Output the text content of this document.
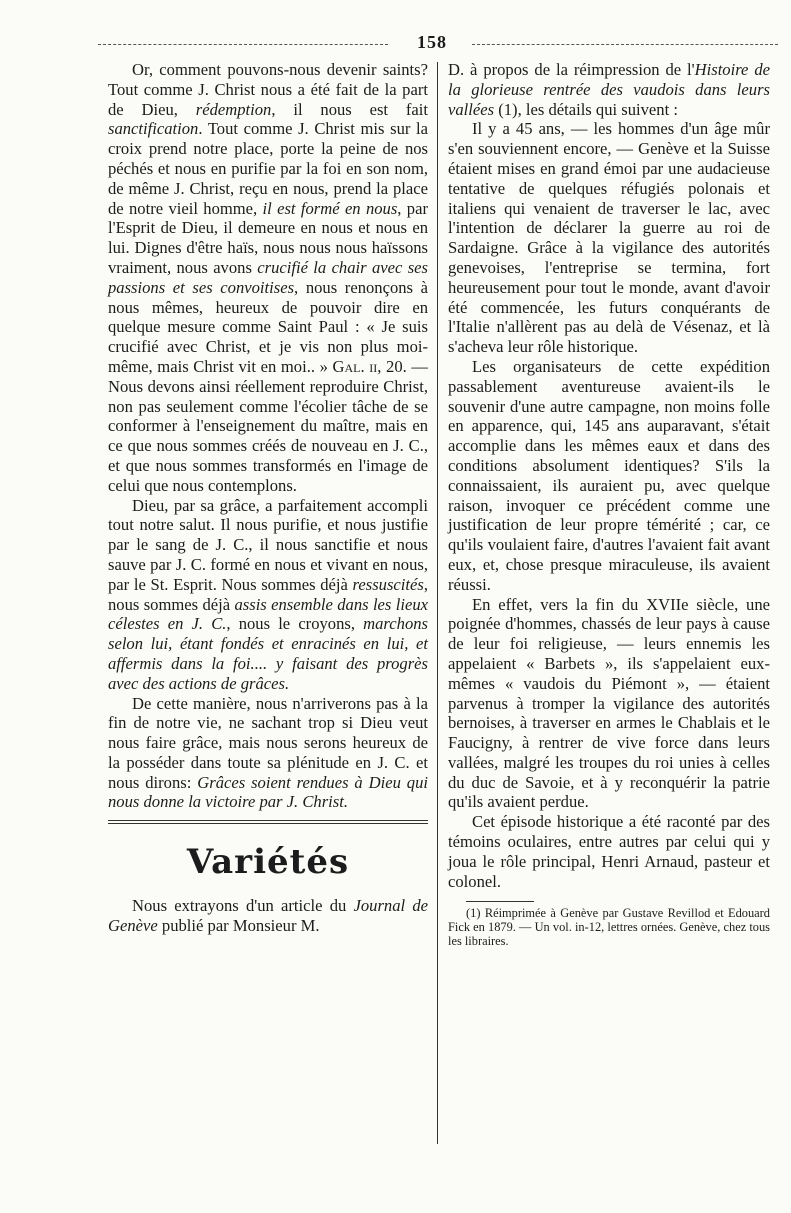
158

Or, comment pouvons-nous devenir saints? Tout comme J. Christ nous a été fait de la part de Dieu, rédemption, il nous est fait sanctification. Tout comme J. Christ mis sur la croix prend notre place, porte la peine de nos péchés et nous en purifie par la foi en son nom, de même J. Christ, reçu en nous, prend la place de notre vieil homme, il est formé en nous, par l'Esprit de Dieu, il demeure en nous et nous en lui. Dignes d'être haïs, nous nous nous haïssons vraiment, nous avons crucifié la chair avec ses passions et ses convoitises, nous renonçons à nous mêmes, heureux de pouvoir dire en quelque mesure comme Saint Paul : « Je suis crucifié avec Christ, et je vis non plus moi-même, mais Christ vit en moi.. » Gal. ii, 20. — Nous devons ainsi réellement reproduire Christ, non pas seulement comme l'écolier tâche de se conformer à l'enseignement du maître, mais en ce que nous sommes créés de nouveau en J. C., et que nous sommes transformés en l'image de celui que nous contemplons.

Dieu, par sa grâce, a parfaitement accompli tout notre salut. Il nous purifie, et nous justifie par le sang de J. C., il nous sanctifie et nous sauve par J. C. formé en nous et vivant en nous, par le St. Esprit. Nous sommes déjà ressuscités, nous sommes déjà assis ensemble dans les lieux célestes en J. C., nous le croyons, marchons selon lui, étant fondés et enracinés en lui, et affermis dans la foi.... y faisant des progrès avec des actions de grâces.

De cette manière, nous n'arriverons pas à la fin de notre vie, ne sachant trop si Dieu veut nous faire grâce, mais nous serons heureux de la posséder dans toute sa plénitude en J. C. et nous dirons: Grâces soient rendues à Dieu qui nous donne la victoire par J. Christ.

Variétés

Nous extrayons d'un article du Journal de Genève publié par Monsieur M.

D. à propos de la réimpression de l'Histoire de la glorieuse rentrée des vaudois dans leurs vallées (1), les détails qui suivent :

Il y a 45 ans, — les hommes d'un âge mûr s'en souviennent encore, — Genève et la Suisse étaient mises en grand émoi par une audacieuse tentative de quelques réfugiés polonais et italiens qui venaient de traverser le lac, avec l'intention de déclarer la guerre au roi de Sardaigne. Grâce à la vigilance des autorités genevoises, l'entreprise se termina, fort heureusement pour tout le monde, avant d'avoir été commencée, les futurs conquérants de l'Italie n'allèrent pas au delà de Vésenaz, et là s'acheva leur rôle historique.

Les organisateurs de cette expédition passablement aventureuse avaient-ils le souvenir d'une autre campagne, non moins folle en apparence, qui, 145 ans auparavant, s'était accomplie dans les mêmes eaux et dans des conditions absolument identiques? S'ils la connaissaient, ils auraient pu, avec quelque raison, invoquer ce précédent comme une justification de leur propre témérité ; car, ce qu'ils voulaient faire, d'autres l'avaient fait avant eux, et, chose presque miraculeuse, ils avaient réussi.

En effet, vers la fin du XVIIe siècle, une poignée d'hommes, chassés de leur pays à cause de leur foi religieuse, — leurs ennemis les appelaient « Barbets », ils s'appelaient eux-mêmes « vaudois du Piémont », — étaient parvenus à tromper la vigilance des autorités bernoises, à traverser en armes le Chablais et le Faucigny, à rentrer de vive force dans leurs vallées, malgré les troupes du roi unies à celles du duc de Savoie, et à y reconquérir la patrie qu'ils avaient perdue.

Cet épisode historique a été raconté par des témoins oculaires, entre autres par celui qui y joua le rôle principal, Henri Arnaud, pasteur et colonel.

(1) Réimprimée à Genève par Gustave Revillod et Edouard Fick en 1879. — Un vol. in-12, lettres ornées. Genève, chez tous les libraires.
